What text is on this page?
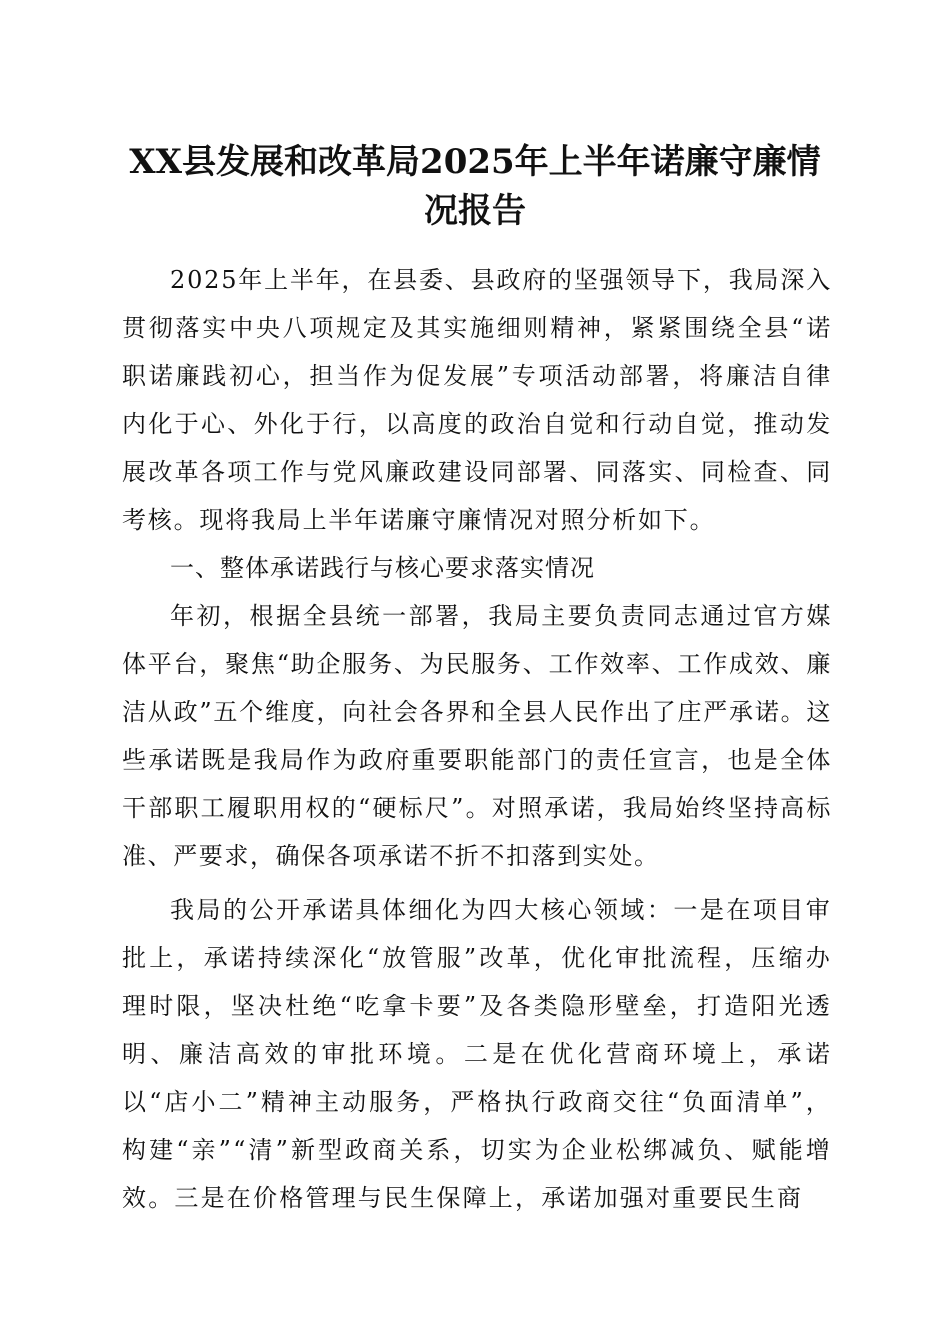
XX县发展和改革局2025年上半年诺廉守廉情
况报告

2025年上半年，在县委、县政府的坚强领导下，我局深入贯彻落实中央八项规定及其实施细则精神，紧紧围绕全县“诺职诺廉践初心，担当作为促发展”专项活动部署，将廉洁自律内化于心、外化于行，以高度的政治自觉和行动自觉，推动发展改革各项工作与党风廉政建设同部署、同落实、同检查、同考核。现将我局上半年诺廉守廉情况对照分析如下。

一、整体承诺践行与核心要求落实情况

年初，根据全县统一部署，我局主要负责同志通过官方媒体平台，聚焦“助企服务、为民服务、工作效率、工作成效、廉洁从政”五个维度，向社会各界和全县人民作出了庄严承诺。这些承诺既是我局作为政府重要职能部门的责任宣言，也是全体干部职工履职用权的“硬标尺”。对照承诺，我局始终坚持高标准、严要求，确保各项承诺不折不扣落到实处。

我局的公开承诺具体细化为四大核心领域：一是在项目审批上，承诺持续深化“放管服”改革，优化审批流程，压缩办理时限，坚决杜绝“吃拿卡要”及各类隐形壁垒，打造阳光透明、廉洁高效的审批环境。二是在优化营商环境上，承诺以“店小二”精神主动服务，严格执行政商交往“负面清单”，构建“亲”“清”新型政商关系，切实为企业松绑减负、赋能增效。三是在价格管理与民生保障上，承诺加强对重要民生商
